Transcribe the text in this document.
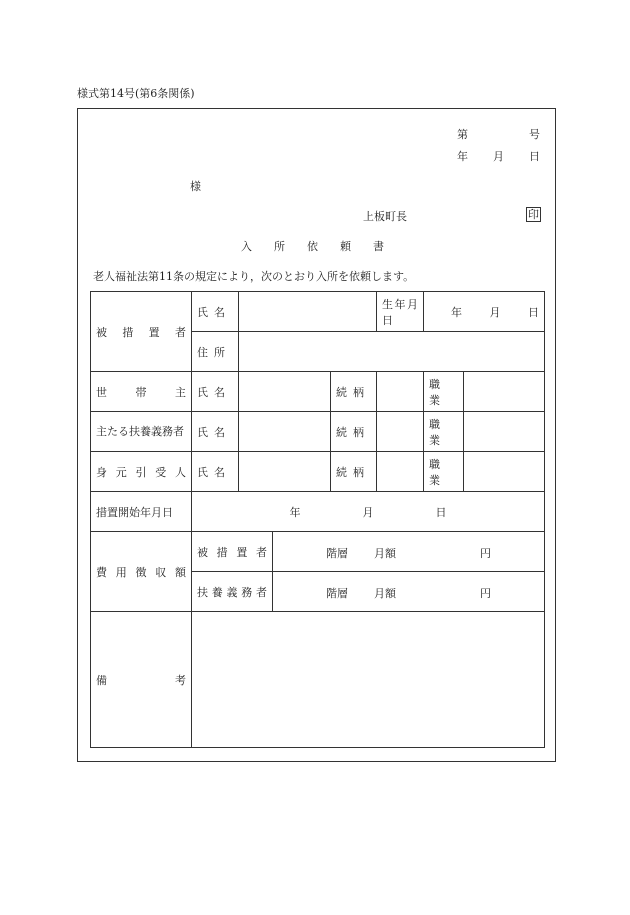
様式第14号(第6条関係)
第	号
年 月 日
様
上板町長	印
入 所 依 頼 書
老人福祉法第11条の規定により，次のとおり入所を依頼します。
被措置者	氏名				生年月日	年 月 日	

	住所						
世帯主	氏名			続柄		職業	
主たる扶養義務者	氏名			続柄		職業	
身元引受人	氏名			続柄		職業	
措置開始年月日	年 月 日						
費用徴収額	被措置者		階層 月額 円				

	扶養義務者		階層 月額 円				

備考							
